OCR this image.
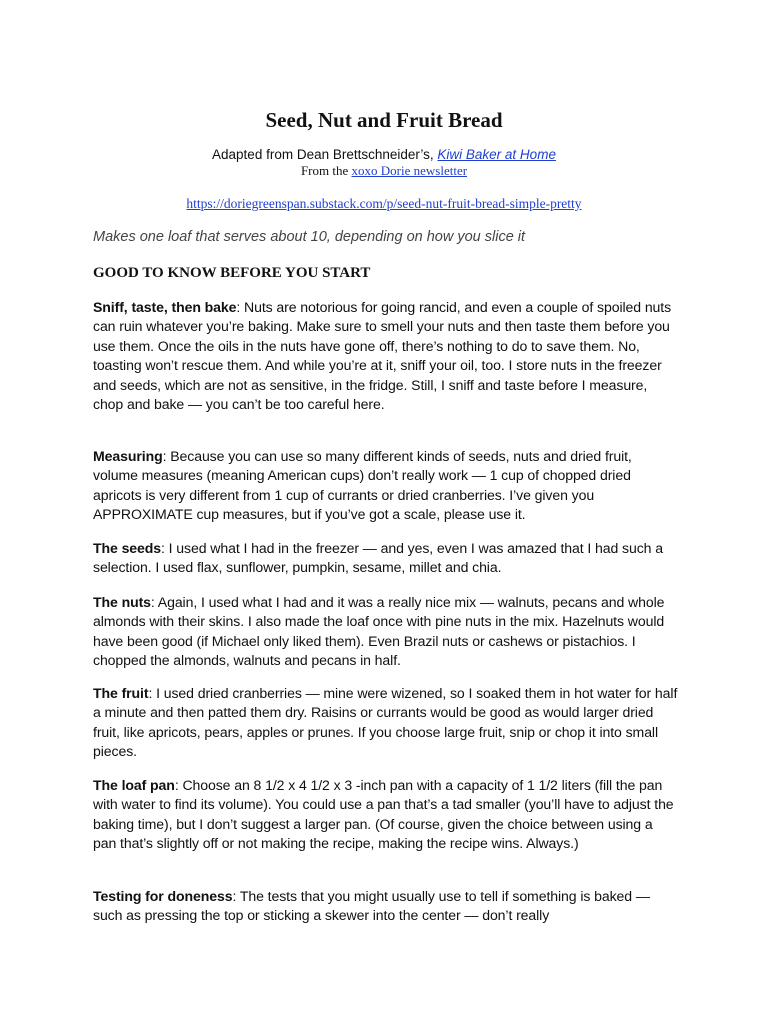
Seed, Nut and Fruit Bread
Adapted from Dean Brettschneider’s, Kiwi Baker at Home
From the xoxo Dorie newsletter
https://doriegreenspan.substack.com/p/seed-nut-fruit-bread-simple-pretty
Makes one loaf that serves about 10, depending on how you slice it
GOOD TO KNOW BEFORE YOU START

Sniff, taste, then bake: Nuts are notorious for going rancid, and even a couple of spoiled nuts can ruin whatever you’re baking. Make sure to smell your nuts and then taste them before you use them. Once the oils in the nuts have gone off, there’s nothing to do to save them. No, toasting won’t rescue them. And while you’re at it, sniff your oil, too. I store nuts in the freezer and seeds, which are not as sensitive, in the fridge. Still, I sniff and taste before I measure, chop and bake — you can’t be too careful here.

Measuring: Because you can use so many different kinds of seeds, nuts and dried fruit, volume measures (meaning American cups) don’t really work — 1 cup of chopped dried apricots is very different from 1 cup of currants or dried cranberries. I’ve given you APPROXIMATE cup measures, but if you’ve got a scale, please use it.

The seeds: I used what I had in the freezer — and yes, even I was amazed that I had such a selection. I used flax, sunflower, pumpkin, sesame, millet and chia.

The nuts: Again, I used what I had and it was a really nice mix — walnuts, pecans and whole almonds with their skins. I also made the loaf once with pine nuts in the mix. Hazelnuts would have been good (if Michael only liked them). Even Brazil nuts or cashews or pistachios. I chopped the almonds, walnuts and pecans in half.

The fruit: I used dried cranberries — mine were wizened, so I soaked them in hot water for half a minute and then patted them dry. Raisins or currants would be good as would larger dried fruit, like apricots, pears, apples or prunes. If you choose large fruit, snip or chop it into small pieces.

The loaf pan: Choose an 8 1/2 x 4 1/2 x 3 -inch pan with a capacity of 1 1/2 liters (fill the pan with water to find its volume). You could use a pan that’s a tad smaller (you’ll have to adjust the baking time), but I don’t suggest a larger pan. (Of course, given the choice between using a pan that’s slightly off or not making the recipe, making the recipe wins. Always.)

Testing for doneness: The tests that you might usually use to tell if something is baked — such as pressing the top or sticking a skewer into the center — don’t really
